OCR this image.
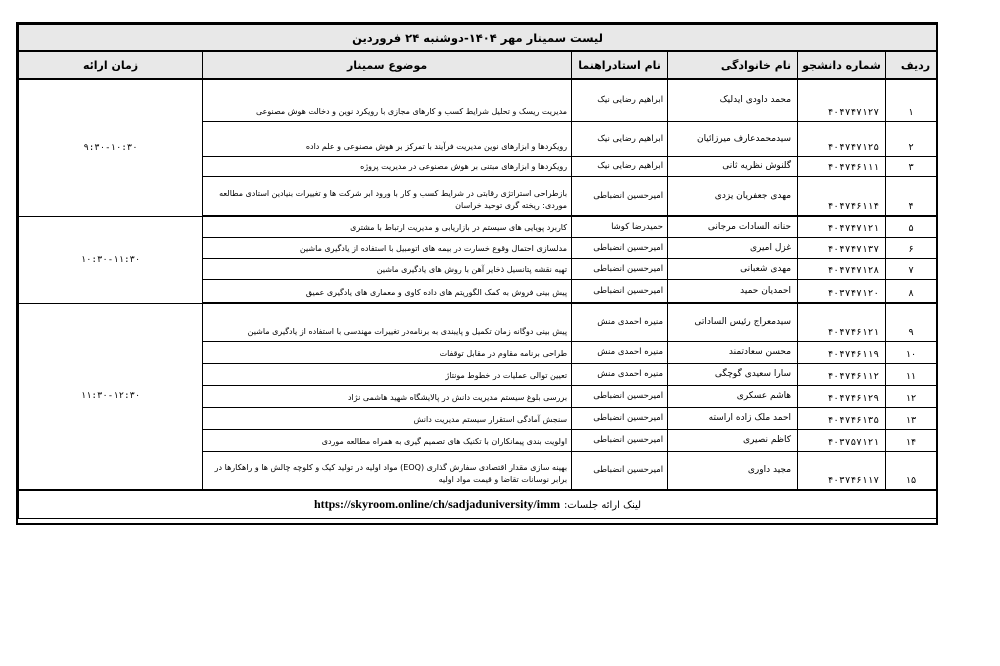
لیست سمینار مهر ۱۴۰۴-دوشنبه ۲۴ فروردین					
ردیف	شماره دانشجو	نام خانوادگی	نام استادراهنما	موضوع سمینار	زمان ارائه
۱	۴۰۴۷۴۷۱۲۷	محمد داودی ایدلیک	ابراهیم رضایی نیک	مدیریت ریسک و تحلیل شرایط کسب و کارهای مجازی با رویکرد نوین و دخالت هوش مصنوعی	۹:۳۰-۱۰:۳۰
۲	۴۰۴۷۴۷۱۲۵	سیدمحمدعارف میرزائیان	ابراهیم رضایی نیک	رویکردها و ابزارهای نوین مدیریت فرآیند با تمرکز بر هوش مصنوعی و علم داده	
۳	۴۰۴۷۴۶۱۱۱	گلنوش نظریه ثانی	ابراهیم رضایی نیک	رویکردها و ابزارهای مبتنی بر هوش مصنوعی در مدیریت پروژه	
۴	۴۰۴۷۴۶۱۱۴	مهدی جعفریان یزدی	امیرحسین انضباطی	بازطراحی استراتژی رقابتی در شرایط کسب و کار با ورود ابر شرکت ها و تغییرات بنیادین استادی مطالعه موردی: ریخته گری توحید خراسان	
۵	۴۰۴۷۴۷۱۲۱	حنانه السادات مرجانی	حمیدرضا کوشا	کاربرد پویایی های سیستم در بازاریابی و مدیریت ارتباط با مشتری	۱۰:۳۰-۱۱:۳۰
۶	۴۰۴۷۴۷۱۳۷	غزل امیری	امیرحسین انضباطی	مدلسازی احتمال وقوع خسارت در بیمه های اتومبیل با استفاده از یادگیری ماشین	
۷	۴۰۴۷۴۷۱۲۸	مهدی شعبانی	امیرحسین انضباطی	تهیه نقشه پتانسیل ذخایر آهن با روش های یادگیری ماشین	
۸	۴۰۳۷۴۷۱۲۰	احمدیان حمید	امیرحسین انضباطی	پیش بینی فروش به کمک الگوریتم های داده کاوی و معماری های یادگیری عمیق	
۹	۴۰۴۷۴۶۱۲۱	سیدمعراج رئیس الساداتی	منیره احمدی منش	پیش بینی دوگانه زمان تکمیل و پایبندی به برنامه‌در تغییرات مهندسی با استفاده از یادگیری ماشین	۱۱:۳۰-۱۲:۳۰
۱۰	۴۰۴۷۴۶۱۱۹	محسن سعادتمند	منیره احمدی منش	طراحی برنامه مقاوم در مقابل توقفات	
۱۱	۴۰۴۷۴۶۱۱۲	سارا سعیدی گوچگی	منیره احمدی منش	تعیین توالی عملیات در خطوط مونتاژ	
۱۲	۴۰۴۷۴۶۱۲۹	هاشم عسکری	امیرحسین انضباطی	بررسی بلوغ سیستم مدیریت دانش در پالایشگاه شهید هاشمی نژاد	
۱۳	۴۰۴۷۴۶۱۳۵	احمد ملک زاده اراسته	امیرحسین انضباطی	سنجش آمادگی استقرار سیستم مدیریت دانش	
۱۴	۴۰۳۷۵۷۱۲۱	کاظم نصیری	امیرحسین انضباطی	اولویت بندی پیمانکاران با تکنیک های تصمیم گیری به همراه مطالعه موردی	
۱۵	۴۰۳۷۴۶۱۱۷	مجید داوری	امیرحسین انضباطی	بهینه سازی مقدار اقتصادی سفارش گذاری (EOQ) مواد اولیه در تولید کیک و کلوچه چالش ها و راهکارها در برابر نوسانات تقاضا و قیمت مواد اولیه	
لینک ارائه جلسات: https://skyroom.online/ch/sadjaduniversity/imm					
